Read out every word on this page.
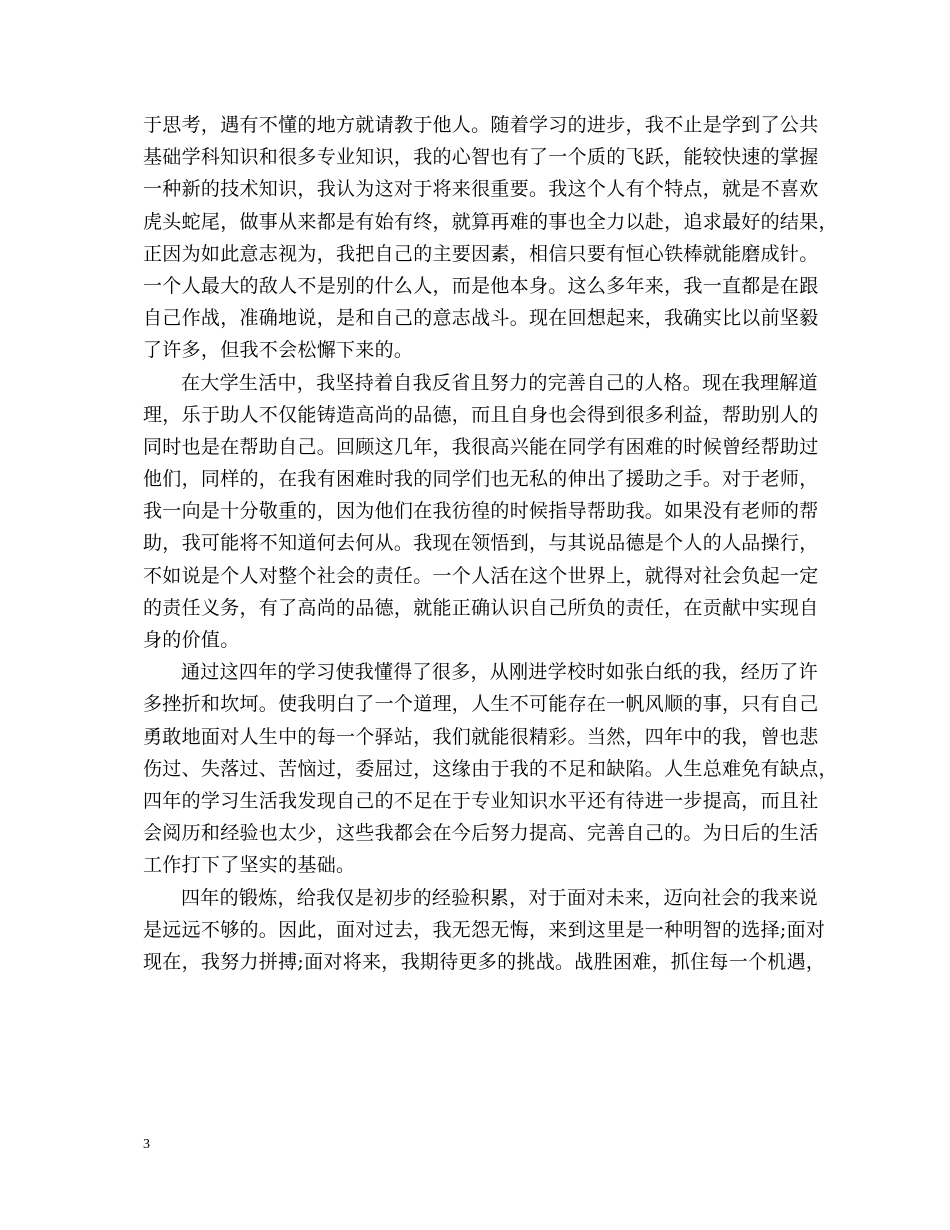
于思考，遇有不懂的地方就请教于他人。随着学习的进步，我不止是学到了公共
基础学科知识和很多专业知识，我的心智也有了一个质的飞跃，能较快速的掌握
一种新的技术知识，我认为这对于将来很重要。我这个人有个特点，就是不喜欢
虎头蛇尾，做事从来都是有始有终，就算再难的事也全力以赴，追求最好的结果，
正因为如此意志视为，我把自己的主要因素，相信只要有恒心铁棒就能磨成针。
一个人最大的敌人不是别的什么人，而是他本身。这么多年来，我一直都是在跟
自己作战，准确地说，是和自己的意志战斗。现在回想起来，我确实比以前坚毅
了许多，但我不会松懈下来的。
在大学生活中，我坚持着自我反省且努力的完善自己的人格。现在我理解道
理，乐于助人不仅能铸造高尚的品德，而且自身也会得到很多利益，帮助别人的
同时也是在帮助自己。回顾这几年，我很高兴能在同学有困难的时候曾经帮助过
他们，同样的，在我有困难时我的同学们也无私的伸出了援助之手。对于老师，
我一向是十分敬重的，因为他们在我彷徨的时候指导帮助我。如果没有老师的帮
助，我可能将不知道何去何从。我现在领悟到，与其说品德是个人的人品操行，
不如说是个人对整个社会的责任。一个人活在这个世界上，就得对社会负起一定
的责任义务，有了高尚的品德，就能正确认识自己所负的责任，在贡献中实现自
身的价值。
通过这四年的学习使我懂得了很多，从刚进学校时如张白纸的我，经历了许
多挫折和坎坷。使我明白了一个道理，人生不可能存在一帆风顺的事，只有自己
勇敢地面对人生中的每一个驿站，我们就能很精彩。当然，四年中的我，曾也悲
伤过、失落过、苦恼过，委屈过，这缘由于我的不足和缺陷。人生总难免有缺点，
四年的学习生活我发现自己的不足在于专业知识水平还有待进一步提高，而且社
会阅历和经验也太少，这些我都会在今后努力提高、完善自己的。为日后的生活
工作打下了坚实的基础。
四年的锻炼，给我仅是初步的经验积累，对于面对未来，迈向社会的我来说
是远远不够的。因此，面对过去，我无怨无悔，来到这里是一种明智的选择;面对
现在，我努力拼搏;面对将来，我期待更多的挑战。战胜困难，抓住每一个机遇，
3
